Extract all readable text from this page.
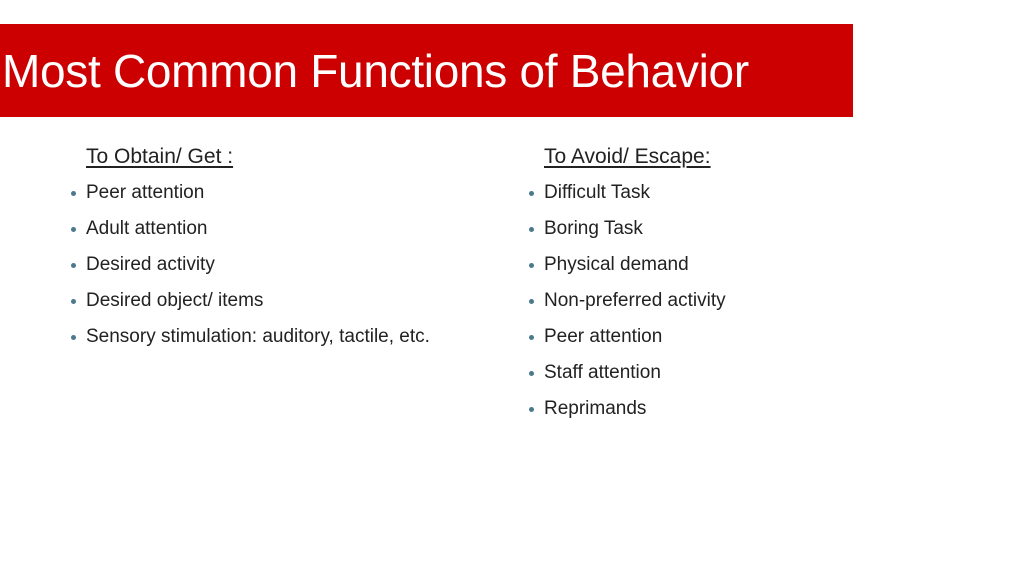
Most Common Functions of Behavior
To Obtain/ Get :
Peer attention
Adult attention
Desired activity
Desired object/ items
Sensory stimulation: auditory, tactile, etc.
To Avoid/ Escape:
Difficult Task
Boring Task
Physical demand
Non-preferred activity
Peer attention
Staff attention
Reprimands
